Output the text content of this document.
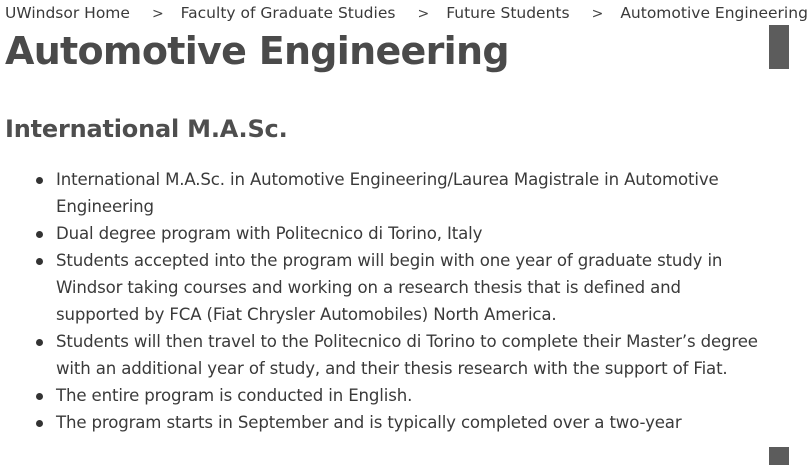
UWindsor Home > Faculty of Graduate Studies > Future Students > Automotive Engineering
Automotive Engineering
International M.A.Sc.
International M.A.Sc. in Automotive Engineering/Laurea Magistrale in Automotive Engineering
Dual degree program with Politecnico di Torino, Italy
Students accepted into the program will begin with one year of graduate study in Windsor taking courses and working on a research thesis that is defined and supported by FCA (Fiat Chrysler Automobiles) North America.
Students will then travel to the Politecnico di Torino to complete their Master’s degree with an additional year of study, and their thesis research with the support of Fiat.
The entire program is conducted in English.
The program starts in September and is typically completed over a two-year
